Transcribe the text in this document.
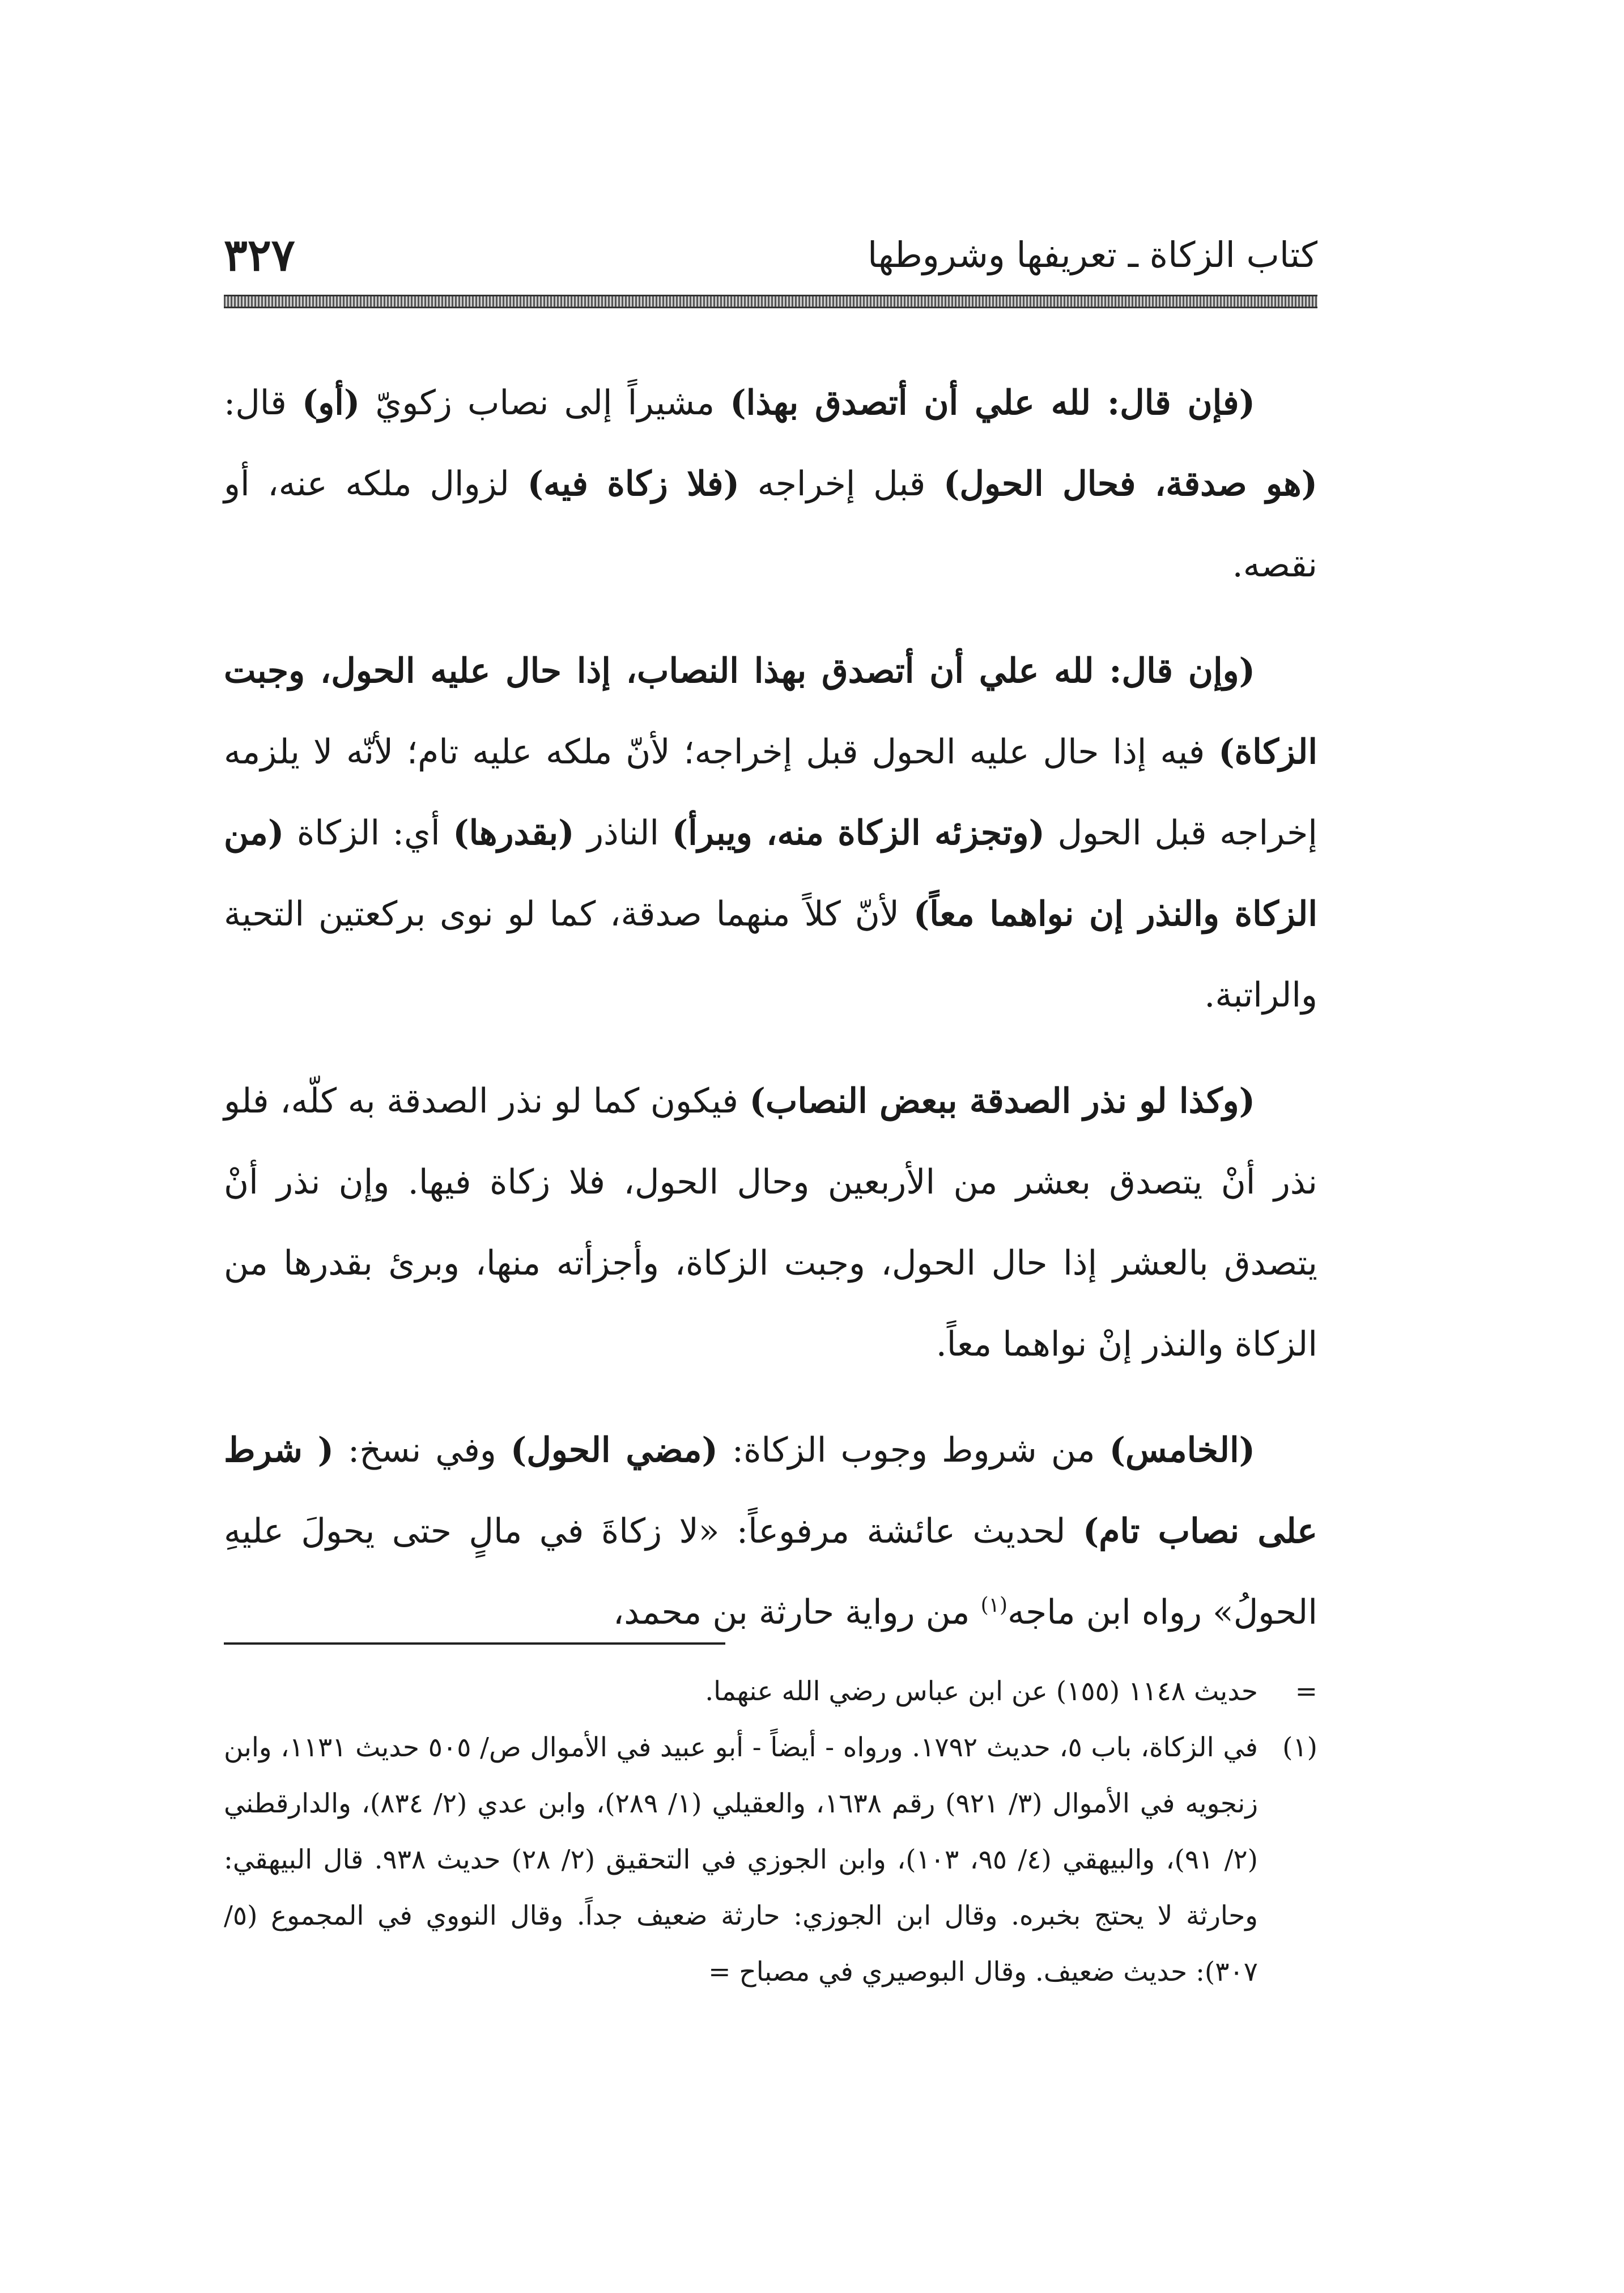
٣٢٧	كتاب الزكاة ـ تعريفها وشروطها

(فإن قال: لله علي أن أتصدق بهذا) مشيراً إلى نصاب زكويّ (أو) قال: (هو صدقة، فحال الحول) قبل إخراجه (فلا زكاة فيه) لزوال ملكه عنه، أو نقصه.

(وإن قال: لله علي أن أتصدق بهذا النصاب، إذا حال عليه الحول، وجبت الزكاة) فيه إذا حال عليه الحول قبل إخراجه؛ لأنّ ملكه عليه تام؛ لأنّه لا يلزمه إخراجه قبل الحول (وتجزئه الزكاة منه، ويبرأ) الناذر (بقدرها) أي: الزكاة (من الزكاة والنذر إن نواهما معاً) لأنّ كلاً منهما صدقة، كما لو نوى بركعتين التحية والراتبة.

(وكذا لو نذر الصدقة ببعض النصاب) فيكون كما لو نذر الصدقة به كلّه، فلو نذر أنْ يتصدق بعشر من الأربعين وحال الحول، فلا زكاة فيها. وإن نذر أنْ يتصدق بالعشر إذا حال الحول، وجبت الزكاة، وأجزأته منها، وبرئ بقدرها من الزكاة والنذر إنْ نواهما معاً.

(الخامس) من شروط وجوب الزكاة: (مضي الحول) وفي نسخ: ( شرط على نصاب تام) لحديث عائشة مرفوعاً: «لا زكاةَ في مالٍ حتى يحولَ عليهِ الحولُ» رواه ابن ماجه$^{(١)}$ من رواية حارثة بن محمد،

=
حديث ١١٤٨ (١٥٥) عن ابن عباس رضي الله عنهما.
(١)
في الزكاة، باب ٥، حديث ١٧٩٢. ورواه - أيضاً - أبو عبيد في الأموال ص/ ٥٠٥ حديث ١١٣١، وابن زنجويه في الأموال (٣/ ٩٢١) رقم ١٦٣٨، والعقيلي (١/ ٢٨٩)، وابن عدي (٢/ ٨٣٤)، والدارقطني (٢/ ٩١)، والبيهقي (٤/ ٩٥، ١٠٣)، وابن الجوزي في التحقيق (٢/ ٢٨) حديث ٩٣٨. قال البيهقي: وحارثة لا يحتج بخبره. وقال ابن الجوزي: حارثة ضعيف جداً. وقال النووي في المجموع (٥/ ٣٠٧): حديث ضعيف. وقال البوصيري في مصباح =
